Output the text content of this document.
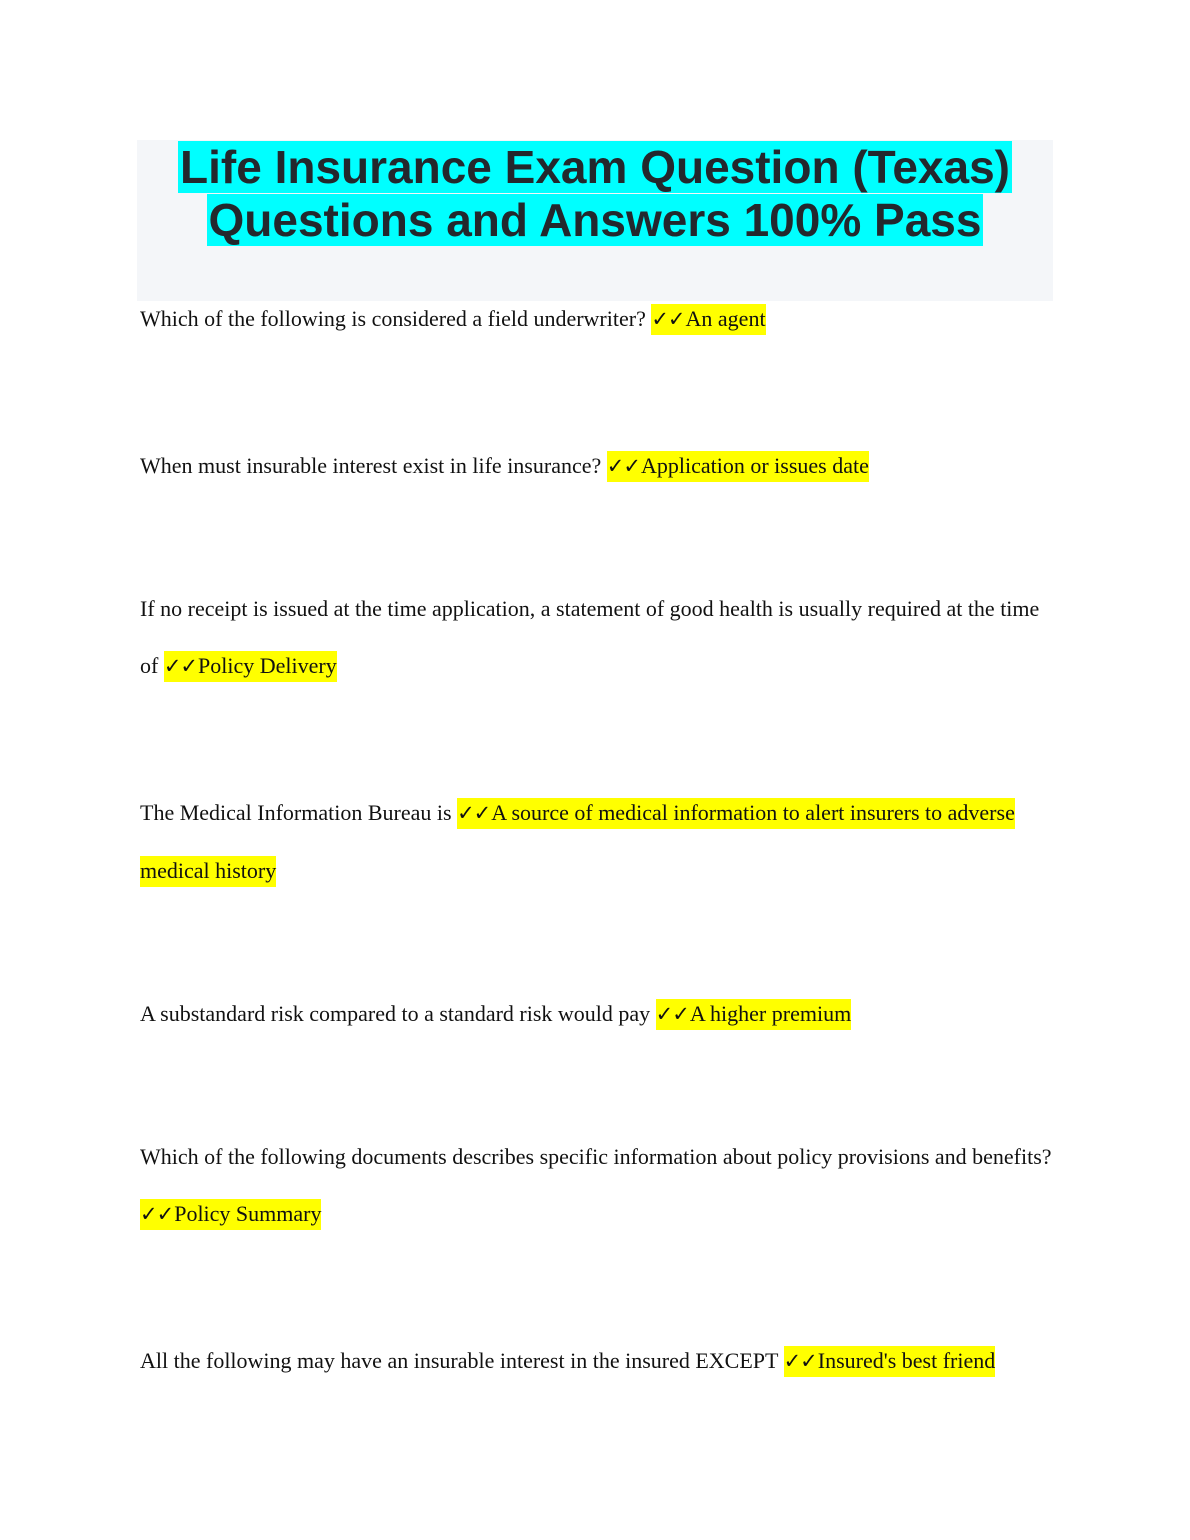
Life Insurance Exam Question (Texas)
Questions and Answers 100% Pass

Which of the following is considered a field underwriter? ✓✓An agent

When must insurable interest exist in life insurance? ✓✓Application or issues date

If no receipt is issued at the time application, a statement of good health is usually required at the time of ✓✓Policy Delivery

The Medical Information Bureau is ✓✓A source of medical information to alert insurers to adverse medical history

A substandard risk compared to a standard risk would pay ✓✓A higher premium

Which of the following documents describes specific information about policy provisions and benefits? ✓✓Policy Summary

All the following may have an insurable interest in the insured EXCEPT ✓✓Insured's best friend
